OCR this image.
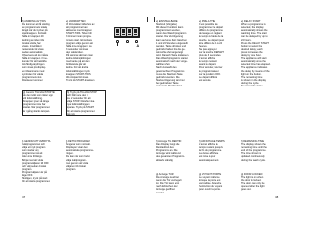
f) ÄNDRING AV TIDS
Du kommer att få växling
av programmets totala
längd när du trycker på
startknappen. Fortsätt
hålla in knappen för
ändring av tiden tills
önskat värde har
visats. Innehållet i
resterande tid visas
sedan automatiskt.
Observera att du måste
hålla in knappen i 3 se-
kunder för att bekräfta
tid-/färdig-ändringen
som visas på display-
en tillsammans med
symbolen för valda
programmets slut.
Displayen kommer

e) VARMVATTEN
Vi förrutsätter tidbehov av
att programmet kan
aktiveras med knappen
START-TIDS. Tiden blir
3 timmar innan progra-
mmets start. Ett kortare
program väljs genom att
hålla inne knappen i ca
3 sekunder så visas
den valda tiden.
På samma sätt kan man
ändra tidsinställningen
med tanke på att den
fortfarande går att
ändra. För att ändra
tidsinställningen tryck
knappen START-TIDS
tills önskad tid visas.
Tryck på START-knappen

A
g) Genom TILLVAL/STOP får
du den tvätt som rätter upp
vid tidsinställning.
Knappen lyser så länge
programmet inte har
startat. När programmet
är i gång släcks lampan.
h) Tryck på TILLVAL/STOP
och håll nere den i
ca. 2 sekunder för att
välja STOP. Därefter ska
nya tidsinställningen
sparas. Tryck på START
för att starta programmet
på nytt.
i) GENOM ATT AVBRYTA
tvättprogrammet och
välja ett nytt program
som startar om
programmet så att
tiden inte förlängs.
Börja med att vrida
programväljaren till OFF
och välj sedan önskat
program.
Programväljaren är på
läge OFF.
Slutligen, tryck på start
för att starta programmet.
j) DETTA PROGRAM
fungerar som normalt.
Displayen visar den
automatiska programme-
ringen.
Du kan när som helst
välja tvättprogram-
met genom att vrida
väljaren till önskat
program.
47
e) EINSTELLBARE
Startzeit (Vorgabe)
Mit dieser Funktion kann
programmiert werden,
wann das Waschprogramm
startet. Die Verzögerung
kann auf eine Zeit zwischen
1 und 24 Stunden eingestellt
werden. Taste drücken und
gedrückt halten bis die ge-
wünschte Zeit angezeigt
wird. Danach Taste loslassen.
Das Waschprogramm startet
automatisch nach der vorge-
wählten Zeit.
Nach Auswahl des
gewünschten Programms
muss die Startzeit-Taste
gedrückt werden. Die
Startverzögerung wird nur
bei gedrückter Taste

e) PRE-A THE
Il est possible de
programmer le départ
différé du programme
de lavage en réglant
le temps à l'aide de la
touche. Le départ peut
être différé de 1 à 24
heures.
Ne pas appuyer
sur la touche DEPART
plus de 3 secondes.
L'écran affiche
le temps restant
avant le départ.
Pour annuler, tourner
le programmateur
sur la position OFF.
Le départ différé
est annulé.
e) DELAY START
When a programme is
selected, the display
automatically shows the
washing time. The start
can be delayed by up to
24 hours.
Press the DELAY START
button to select the
desired delay; each
press increases the
delay by one hour.
The appliance will start
automatically once the
selected time has elapsed.
The appliance indicates
the delay by means of the
light on the button.
The remaining time
is shown in the display
during the cycle.

f) Anzeige TIL REDTID
Das Display zeigt die
Restlaufzeit des
Programms an. Die
Anzeige wird während
des gesamten Programm-
ablaufs ständig

f) AFFICHAGE TEMPS
L'écran affiche le
temps restant jusqu'à
la fin du programme.
La durée affichée
est mise à jour
automatiquement.
f) REMAINING TIME
The display shows the
remaining time until the
end of the programme.
The time shown is
updated continuously
during the wash cycle.
g) Anzeige TÜR
Die Anzeige leuchtet
wenn die Tür verriegelt
ist. Die Tür kann erst
nach Erlöschen der
Anzeige geöffnet

g) VOYANT PORTE
Le voyant s'allume
lorsque la porte est
verrouillée. Attendre
l'extinction du voyant
pour ouvrir la porte.
g) DOOR LOCKED
The light is on when
the door is locked.
The door can only be
opened after the light
goes out.
48
